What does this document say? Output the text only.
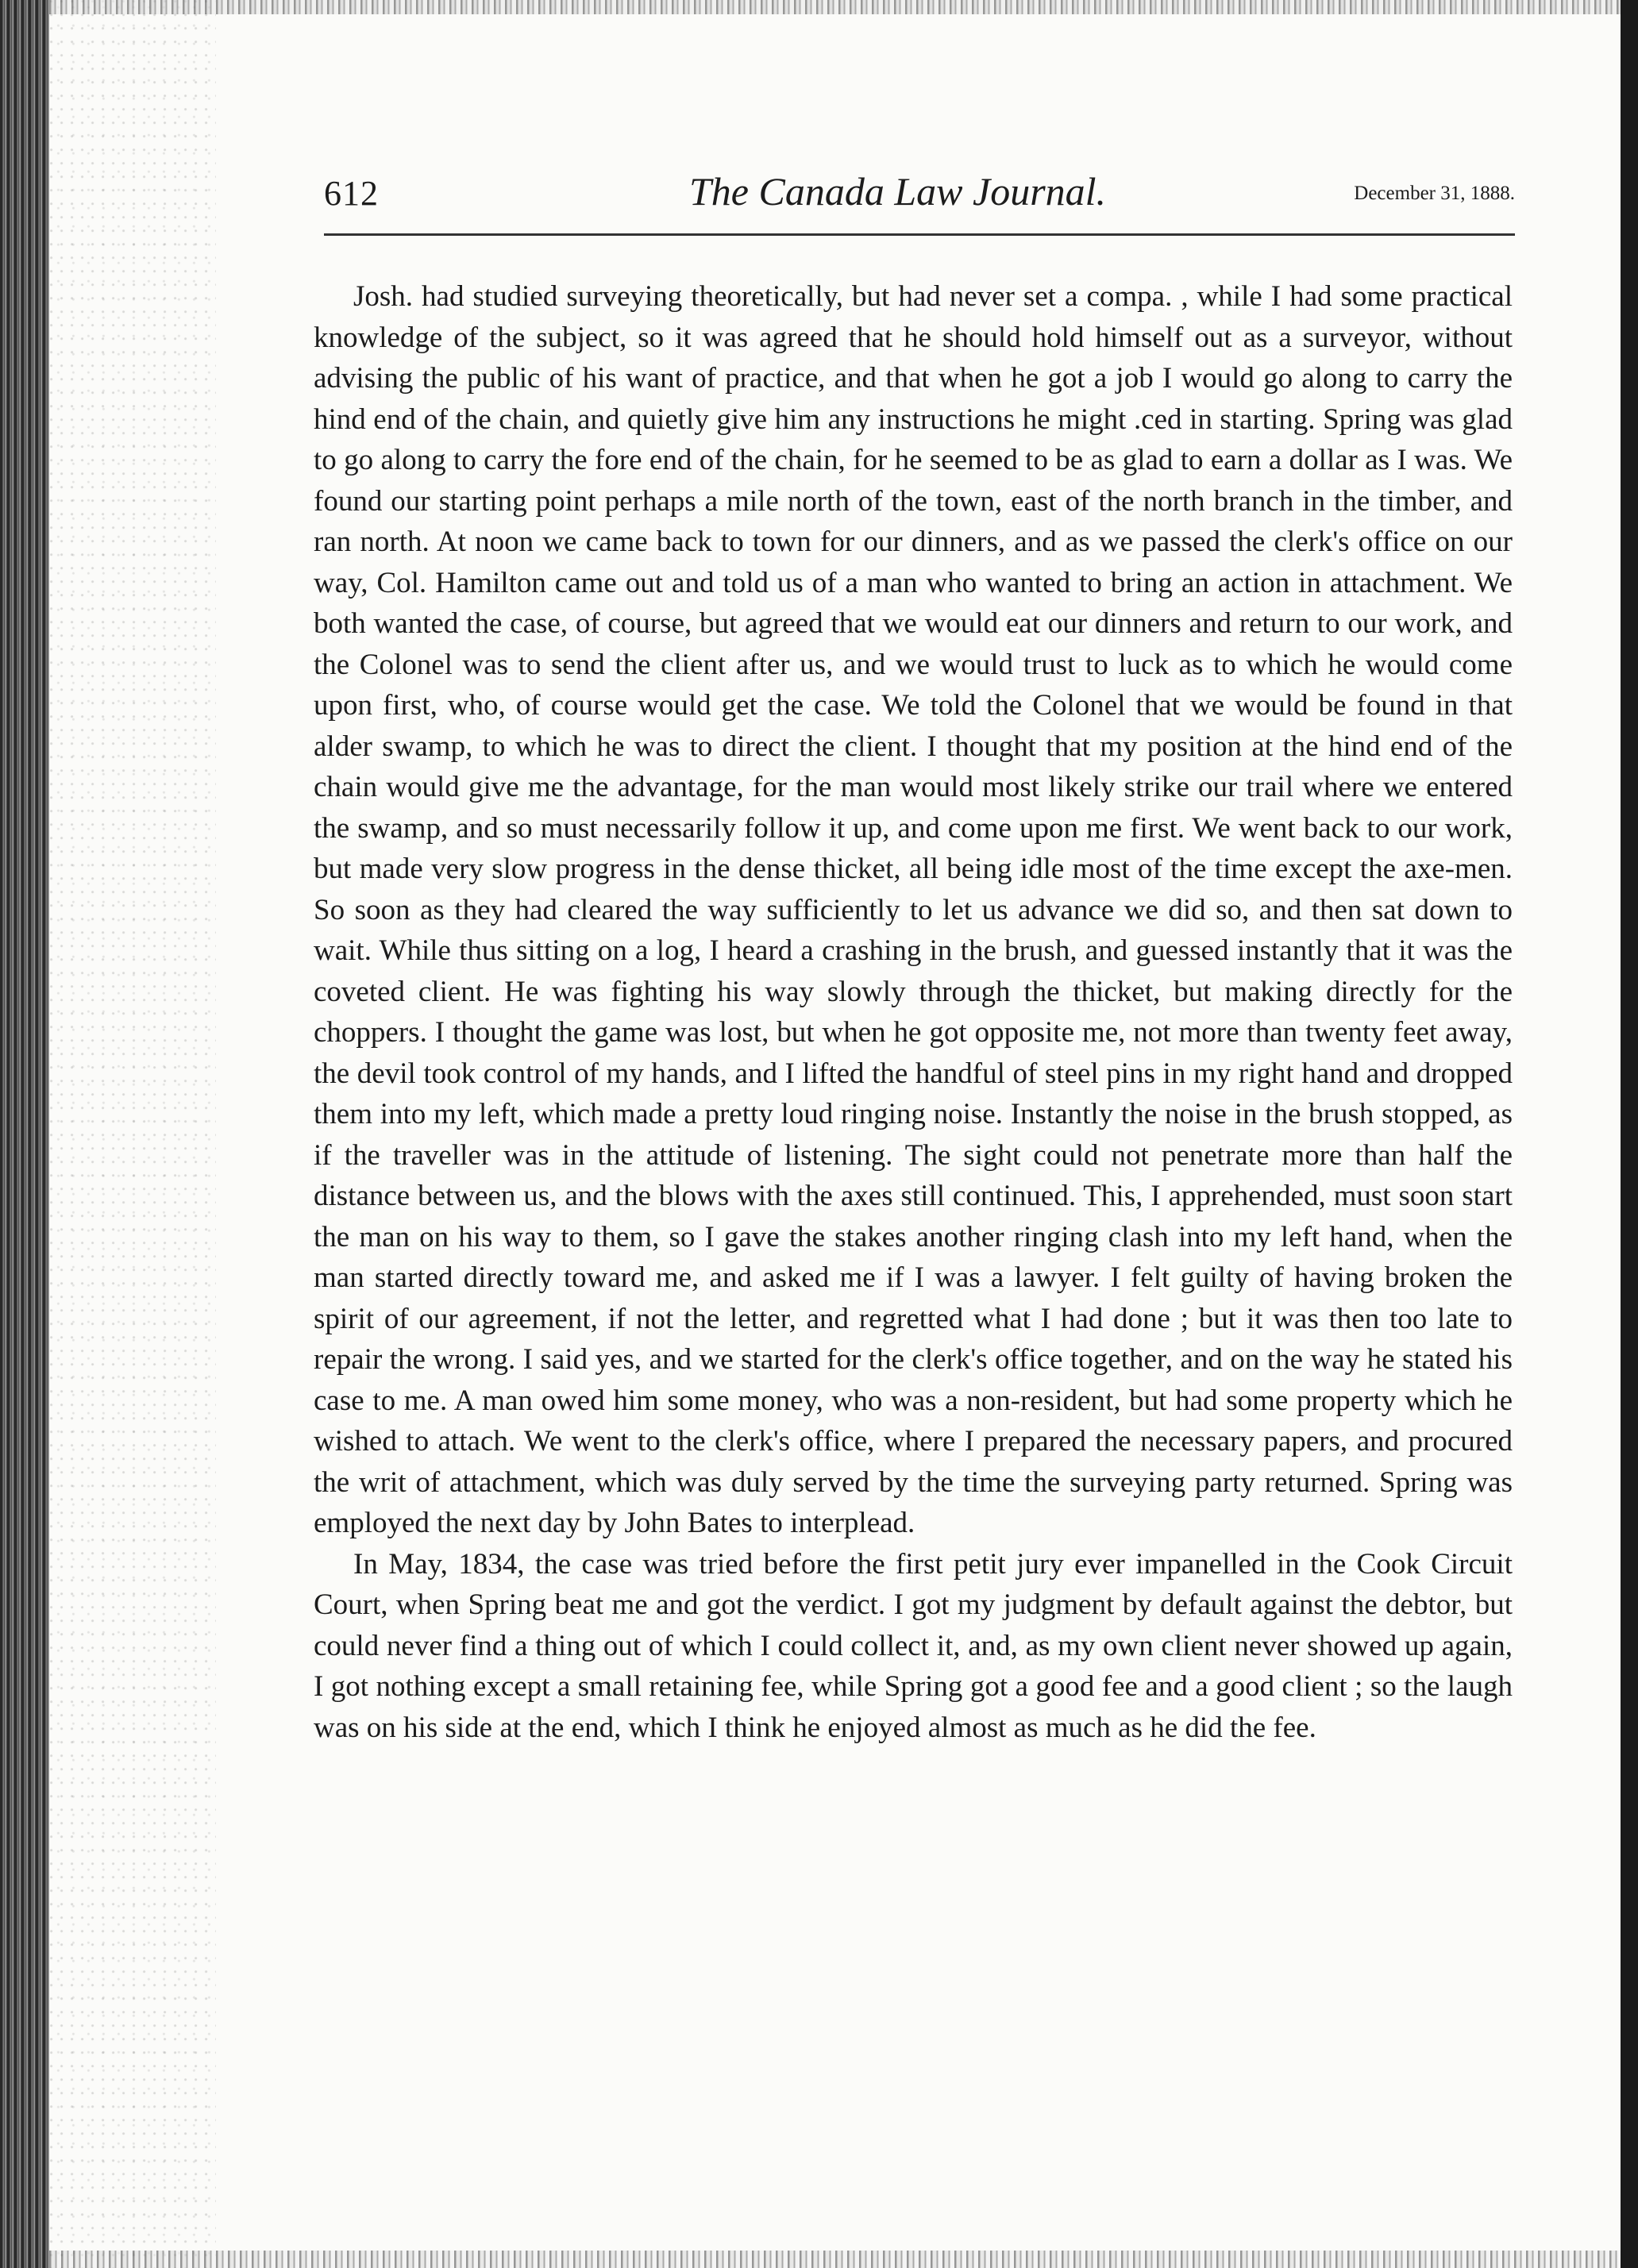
612	The Canada Law Journal.	December 31, 1888.

Josh. had studied surveying theoretically, but had never set a compa. , while I had some practical knowledge of the subject, so it was agreed that he should hold himself out as a surveyor, without advising the public of his want of practice, and that when he got a job I would go along to carry the hind end of the chain, and quietly give him any instructions he might .ced in starting. Spring was glad to go along to carry the fore end of the chain, for he seemed to be as glad to earn a dollar as I was. We found our starting point perhaps a mile north of the town, east of the north branch in the timber, and ran north. At noon we came back to town for our dinners, and as we passed the clerk's office on our way, Col. Hamilton came out and told us of a man who wanted to bring an action in attachment. We both wanted the case, of course, but agreed that we would eat our dinners and return to our work, and the Colonel was to send the client after us, and we would trust to luck as to which he would come upon first, who, of course would get the case. We told the Colonel that we would be found in that alder swamp, to which he was to direct the client. I thought that my position at the hind end of the chain would give me the advantage, for the man would most likely strike our trail where we entered the swamp, and so must necessarily follow it up, and come upon me first. We went back to our work, but made very slow progress in the dense thicket, all being idle most of the time except the axe-men. So soon as they had cleared the way sufficiently to let us advance we did so, and then sat down to wait. While thus sitting on a log, I heard a crashing in the brush, and guessed instantly that it was the coveted client. He was fighting his way slowly through the thicket, but making directly for the choppers. I thought the game was lost, but when he got opposite me, not more than twenty feet away, the devil took control of my hands, and I lifted the handful of steel pins in my right hand and dropped them into my left, which made a pretty loud ringing noise. Instantly the noise in the brush stopped, as if the traveller was in the attitude of listening. The sight could not penetrate more than half the distance between us, and the blows with the axes still continued. This, I apprehended, must soon start the man on his way to them, so I gave the stakes another ringing clash into my left hand, when the man started directly toward me, and asked me if I was a lawyer. I felt guilty of having broken the spirit of our agreement, if not the letter, and regretted what I had done ; but it was then too late to repair the wrong. I said yes, and we started for the clerk's office together, and on the way he stated his case to me. A man owed him some money, who was a non-resident, but had some property which he wished to attach. We went to the clerk's office, where I prepared the necessary papers, and procured the writ of attachment, which was duly served by the time the surveying party returned. Spring was employed the next day by John Bates to interplead.

In May, 1834, the case was tried before the first petit jury ever impanelled in the Cook Circuit Court, when Spring beat me and got the verdict. I got my judgment by default against the debtor, but could never find a thing out of which I could collect it, and, as my own client never showed up again, I got nothing except a small retaining fee, while Spring got a good fee and a good client ; so the laugh was on his side at the end, which I think he enjoyed almost as much as he did the fee.
